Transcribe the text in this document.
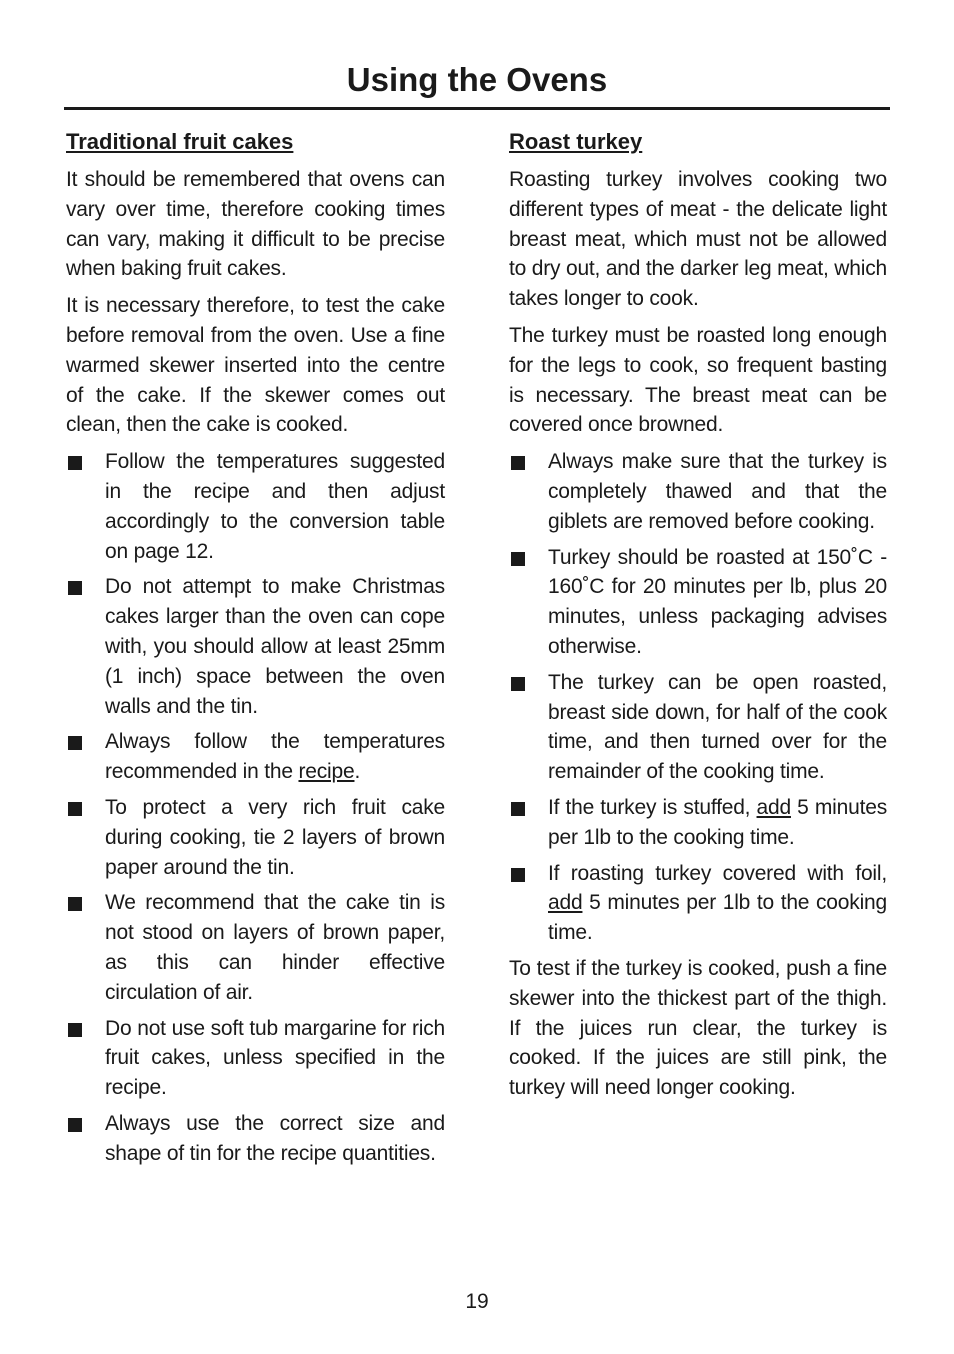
Using the Ovens
Traditional fruit cakes

It should be remembered that ovens can vary over time, therefore cooking times can vary, making it difficult to be precise when baking fruit cakes.

It is necessary therefore, to test the cake before removal from the oven. Use a fine warmed skewer inserted into the centre of the cake. If the skewer comes out clean, then the cake is cooked.

Follow the temperatures suggested in the recipe and then adjust accordingly to the conversion table on page 12.
Do not attempt to make Christmas cakes larger than the oven can cope with, you should allow at least 25mm (1 inch) space between the oven walls and the tin.
Always follow the temperatures recommended in the recipe.
To protect a very rich fruit cake during cooking, tie 2 layers of brown paper around the tin.
We recommend that the cake tin is not stood on layers of brown paper, as this can hinder effective circulation of air.
Do not use soft tub margarine for rich fruit cakes, unless specified in the recipe.
Always use the correct size and shape of tin for the recipe quantities.
Roast turkey

Roasting turkey involves cooking two different types of meat - the delicate light breast meat, which must not be allowed to dry out, and the darker leg meat, which takes longer to cook.

The turkey must be roasted long enough for the legs to cook, so frequent basting is necessary. The breast meat can be covered once browned.

Always make sure that the turkey is completely thawed and that the giblets are removed before cooking.
Turkey should be roasted at 150˚C - 160˚C for 20 minutes per lb, plus 20 minutes, unless packaging advises otherwise.
The turkey can be open roasted, breast side down, for half of the cook time, and then turned over for the remainder of the cooking time.
If the turkey is stuffed, add 5 minutes per 1lb to the cooking time.
If roasting turkey covered with foil, add 5 minutes per 1lb to the cooking time.

To test if the turkey is cooked, push a fine skewer into the thickest part of the thigh. If the juices run clear, the turkey is cooked. If the juices are still pink, the turkey will need longer cooking.

19
